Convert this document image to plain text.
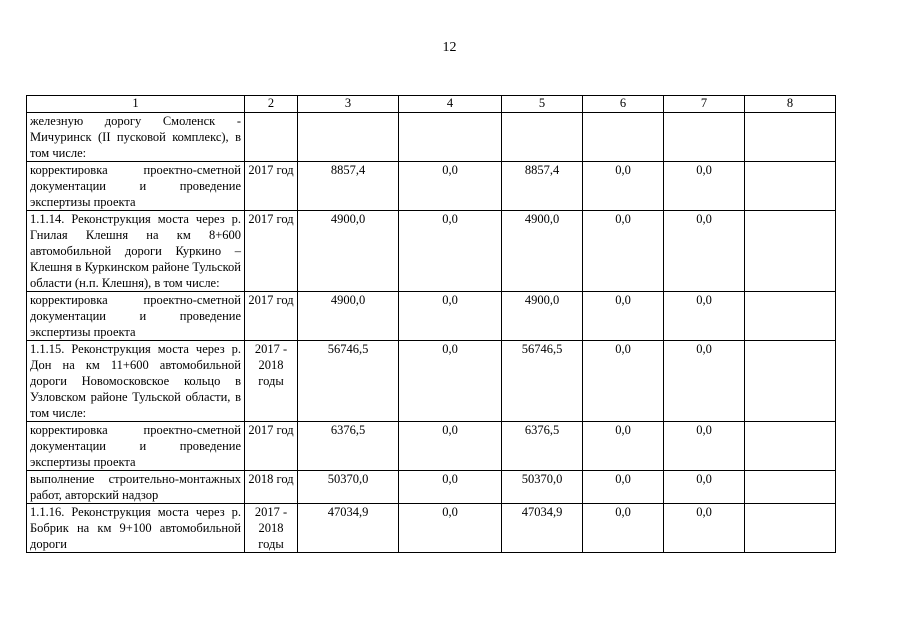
12
1	2	3	4	5	6	7	8
железную дорогу Смоленск - Мичуринск (II пусковой комплекс), в том числе:							
корректировка проектно-сметной документации и проведение экспертизы проекта	2017 год	8857,4	0,0	8857,4	0,0	0,0	
1.1.14. Реконструкция моста через р. Гнилая Клешня на км 8+600 автомобильной дороги Куркино – Клешня в Куркинском районе Тульской области (н.п. Клешня), в том числе:	2017 год	4900,0	0,0	4900,0	0,0	0,0	
корректировка проектно-сметной документации и проведение экспертизы проекта	2017 год	4900,0	0,0	4900,0	0,0	0,0	
1.1.15. Реконструкция моста через р. Дон на км 11+600 автомобильной дороги Новомосковское кольцо в Узловском районе Тульской области, в том числе:	2017 - 2018 годы	56746,5	0,0	56746,5	0,0	0,0	
корректировка проектно-сметной документации и проведение экспертизы проекта	2017 год	6376,5	0,0	6376,5	0,0	0,0	
выполнение строительно-монтажных работ, авторский надзор	2018 год	50370,0	0,0	50370,0	0,0	0,0	
1.1.16. Реконструкция моста через р. Бобрик на км 9+100 автомобильной дороги	2017 - 2018 годы	47034,9	0,0	47034,9	0,0	0,0	
